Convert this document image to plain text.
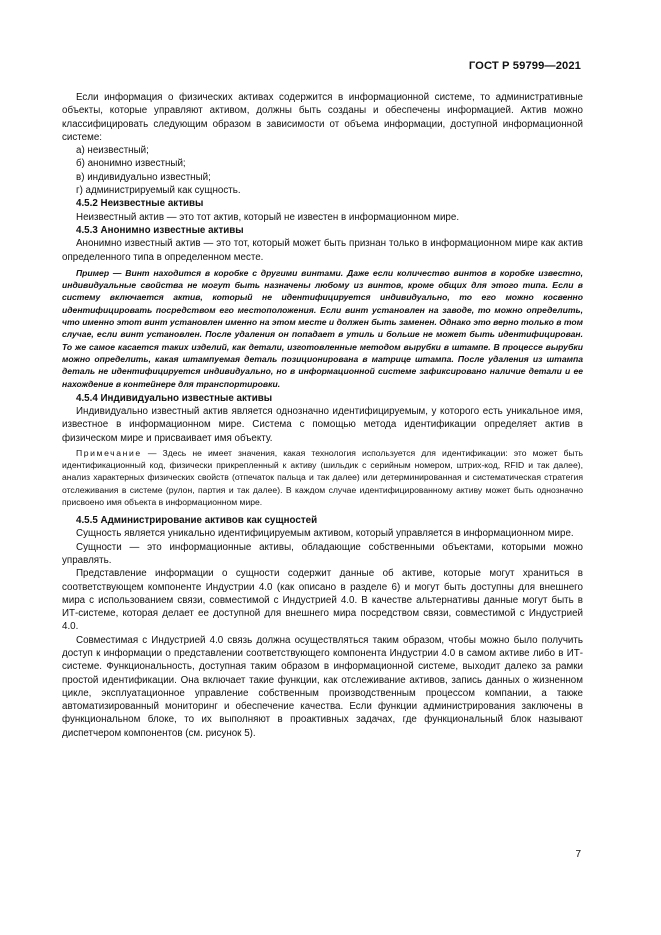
ГОСТ Р 59799—2021

Если информация о физических активах содержится в информационной системе, то административные объекты, которые управляют активом, должны быть созданы и обеспечены информацией. Актив можно классифицировать следующим образом в зависимости от объема информации, доступной информационной системе:

а) неизвестный;

б) анонимно известный;

в) индивидуально известный;

г) администрируемый как сущность.

4.5.2 Неизвестные активы

Неизвестный актив — это тот актив, который не известен в информационном мире.

4.5.3 Анонимно известные активы

Анонимно известный актив — это тот, который может быть признан только в информационном мире как актив определенного типа в определенном месте.

Пример — Винт находится в коробке с другими винтами. Даже если количество винтов в коробке известно, индивидуальные свойства не могут быть назначены любому из винтов, кроме общих для этого типа. Если в систему включается актив, который не идентифицируется индивидуально, то его можно косвенно идентифицировать посредством его местоположения. Если винт установлен на заводе, то можно определить, что именно этот винт установлен именно на этом месте и должен быть заменен. Однако это верно только в том случае, если винт установлен. После удаления он попадает в утиль и больше не может быть идентифицирован. То же самое касается таких изделий, как детали, изготовленные методом вырубки в штампе. В процессе вырубки можно определить, какая штампуемая деталь позиционирована в матрице штампа. После удаления из штампа деталь не идентифицируется индивидуально, но в информационной системе зафиксировано наличие детали и ее нахождение в контейнере для транспортировки.

4.5.4 Индивидуально известные активы

Индивидуально известный актив является однозначно идентифицируемым, у которого есть уникальное имя, известное в информационном мире. Система с помощью метода идентификации определяет актив в физическом мире и присваивает имя объекту.

Примечание — Здесь не имеет значения, какая технология используется для идентификации: это может быть идентификационный код, физически прикрепленный к активу (шильдик с серийным номером, штрих-код, RFID и так далее), анализ характерных физических свойств (отпечаток пальца и так далее) или детерминированная и систематическая стратегия отслеживания в системе (рулон, партия и так далее). В каждом случае идентифицированному активу может быть однозначно присвоено имя объекта в информационном мире.

4.5.5 Администрирование активов как сущностей

Сущность является уникально идентифицируемым активом, который управляется в информационном мире.

Сущности — это информационные активы, обладающие собственными объектами, которыми можно управлять.

Представление информации о сущности содержит данные об активе, которые могут храниться в соответствующем компоненте Индустрии 4.0 (как описано в разделе 6) и могут быть доступны для внешнего мира с использованием связи, совместимой с Индустрией 4.0. В качестве альтернативы данные могут быть в ИТ-системе, которая делает ее доступной для внешнего мира посредством связи, совместимой с Индустрией 4.0.

Совместимая с Индустрией 4.0 связь должна осуществляться таким образом, чтобы можно было получить доступ к информации о представлении соответствующего компонента Индустрии 4.0 в самом активе либо в ИТ-системе. Функциональность, доступная таким образом в информационной системе, выходит далеко за рамки простой идентификации. Она включает такие функции, как отслеживание активов, запись данных о жизненном цикле, эксплуатационное управление собственным производственным процессом компании, а также автоматизированный мониторинг и обеспечение качества. Если функции администрирования заключены в функциональном блоке, то их выполняют в проактивных задачах, где функциональный блок называют диспетчером компонентов (см. рисунок 5).

7
